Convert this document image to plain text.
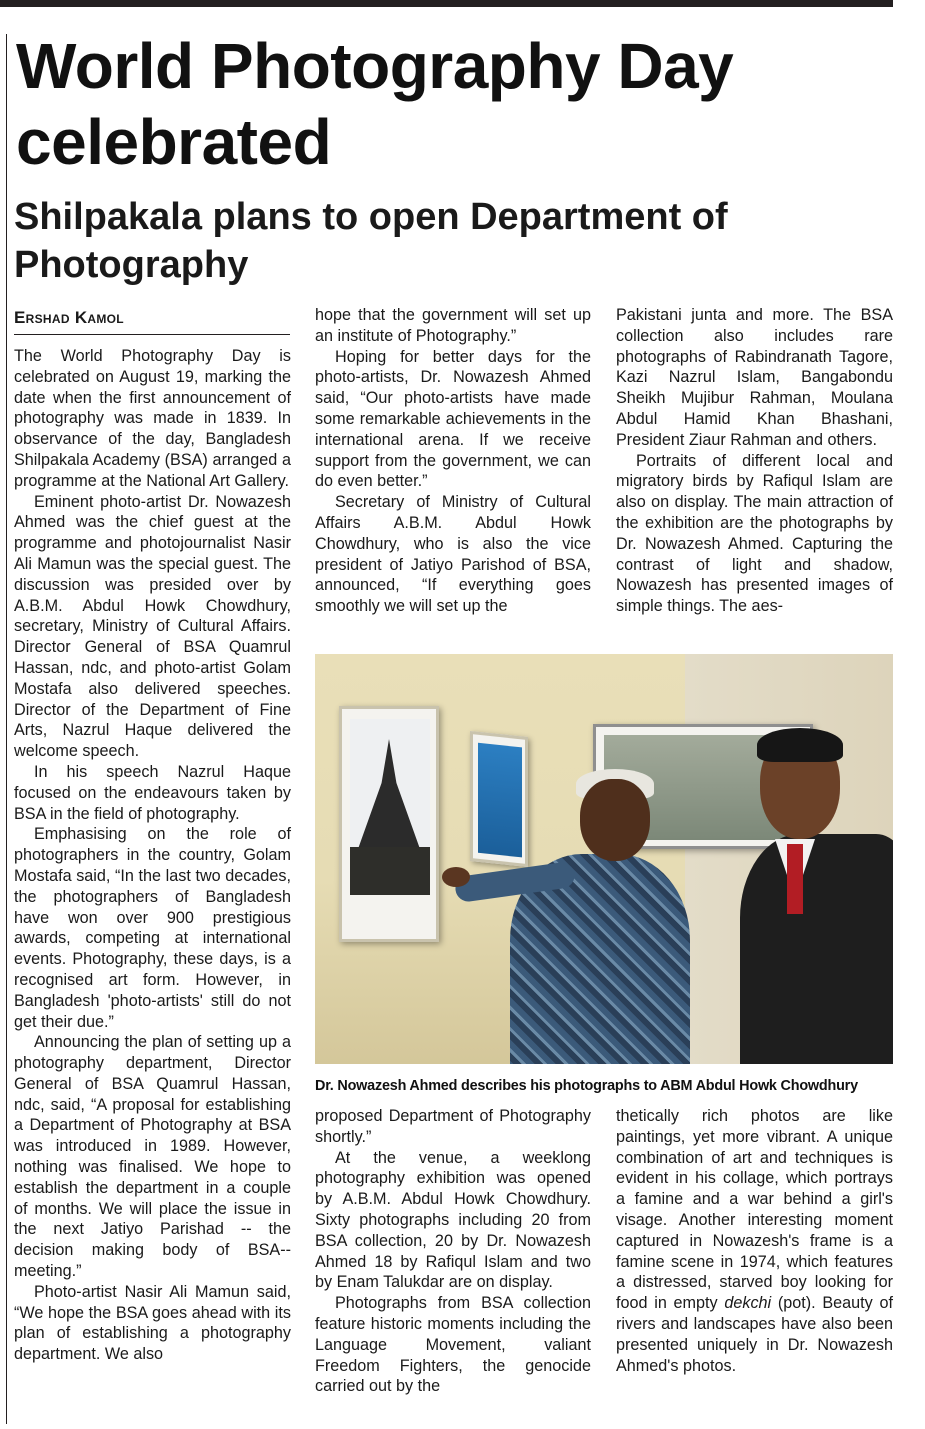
World Photography Day celebrated
Shilpakala plans to open Department of Photography
Ershad Kamol

The World Photography Day is celebrated on August 19, marking the date when the first announcement of photography was made in 1839. In observance of the day, Bangladesh Shilpakala Academy (BSA) arranged a programme at the National Art Gallery.

Eminent photo-artist Dr. Nowazesh Ahmed was the chief guest at the programme and photojournalist Nasir Ali Mamun was the special guest. The discussion was presided over by A.B.M. Abdul Howk Chowdhury, secretary, Ministry of Cultural Affairs. Director General of BSA Quamrul Hassan, ndc, and photo-artist Golam Mostafa also delivered speeches. Director of the Department of Fine Arts, Nazrul Haque delivered the welcome speech.

In his speech Nazrul Haque focused on the endeavours taken by BSA in the field of photography.

Emphasising on the role of photographers in the country, Golam Mostafa said, “In the last two decades, the photographers of Bangladesh have won over 900 prestigious awards, competing at international events. Photography, these days, is a recognised art form. However, in Bangladesh 'photo-artists' still do not get their due.”

Announcing the plan of setting up a photography department, Director General of BSA Quamrul Hassan, ndc, said, “A proposal for establishing a Department of Photography at BSA was introduced in 1989. However, nothing was finalised. We hope to establish the department in a couple of months. We will place the issue in the next Jatiyo Parishad -- the decision making body of BSA--meeting.”

Photo-artist Nasir Ali Mamun said, “We hope the BSA goes ahead with its plan of establishing a photography department. We also

hope that the government will set up an institute of Photography.”

Hoping for better days for the photo-artists, Dr. Nowazesh Ahmed said, “Our photo-artists have made some remarkable achievements in the international arena. If we receive support from the government, we can do even better.”

Secretary of Ministry of Cultural Affairs A.B.M. Abdul Howk Chowdhury, who is also the vice president of Jatiyo Parishod of BSA, announced, “If everything goes smoothly we will set up the

Pakistani junta and more. The BSA collection also includes rare photographs of Rabindranath Tagore, Kazi Nazrul Islam, Bangabondu Sheikh Mujibur Rahman, Moulana Abdul Hamid Khan Bhashani, President Ziaur Rahman and others.

Portraits of different local and migratory birds by Rafiqul Islam are also on display. The main attraction of the exhibition are the photographs by Dr. Nowazesh Ahmed. Capturing the contrast of light and shadow, Nowazesh has presented images of simple things. The aes-

Dr. Nowazesh Ahmed describes his photographs to ABM Abdul Howk Chowdhury

proposed Department of Photography shortly.”

At the venue, a weeklong photography exhibition was opened by A.B.M. Abdul Howk Chowdhury. Sixty photographs including 20 from BSA collection, 20 by Dr. Nowazesh Ahmed 18 by Rafiqul Islam and two by Enam Talukdar are on display.

Photographs from BSA collection feature historic moments including the Language Movement, valiant Freedom Fighters, the genocide carried out by the

thetically rich photos are like paintings, yet more vibrant. A unique combination of art and techniques is evident in his collage, which portrays a famine and a war behind a girl's visage. Another interesting moment captured in Nowazesh's frame is a famine scene in 1974, which features a distressed, starved boy looking for food in empty dekchi (pot). Beauty of rivers and landscapes have also been presented uniquely in Dr. Nowazesh Ahmed's photos.
